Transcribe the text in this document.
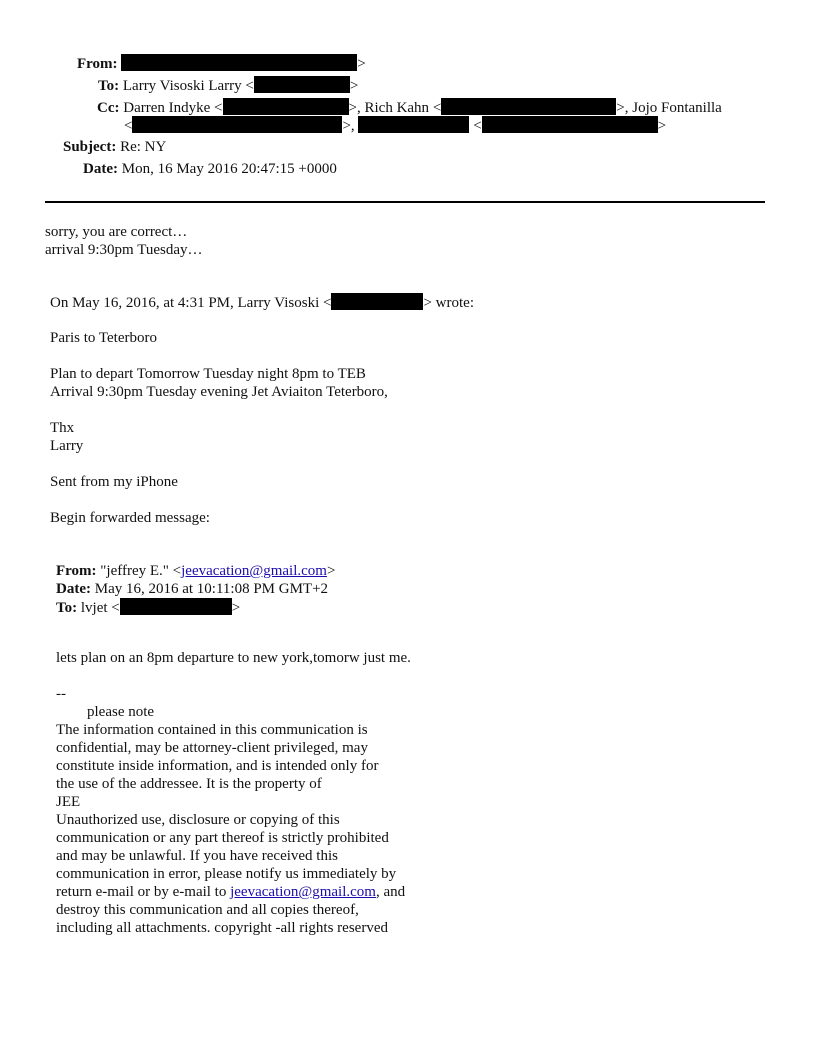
From:	>
To: Larry Visoski Larry <	>
Cc: Darren Indyke <	>, Rich Kahn <	>, Jojo Fontanilla
<	>,	<	>
Subject: Re: NY
Date: Mon, 16 May 2016 20:47:15 +0000
sorry, you are correct…
arrival 9:30pm Tuesday…
On May 16, 2016, at 4:31 PM, Larry Visoski <	> wrote:
Paris to Teterboro
Plan to depart Tomorrow Tuesday night 8pm to TEB
Arrival 9:30pm Tuesday evening Jet Aviaiton Teterboro,
Thx
Larry
Sent from my iPhone
Begin forwarded message:
From: "jeffrey E." <jeevacation@gmail.com>
Date: May 16, 2016 at 10:11:08 PM GMT+2
To: lvjet <	>
lets plan on an 8pm departure to new york,tomorw just me.
--
please note
The information contained in this communication is
confidential, may be attorney-client privileged, may
constitute inside information, and is intended only for
the use of the addressee. It is the property of
JEE
Unauthorized use, disclosure or copying of this
communication or any part thereof is strictly prohibited
and may be unlawful. If you have received this
communication in error, please notify us immediately by
return e-mail or by e-mail to jeevacation@gmail.com, and
destroy this communication and all copies thereof,
including all attachments. copyright -all rights reserved
